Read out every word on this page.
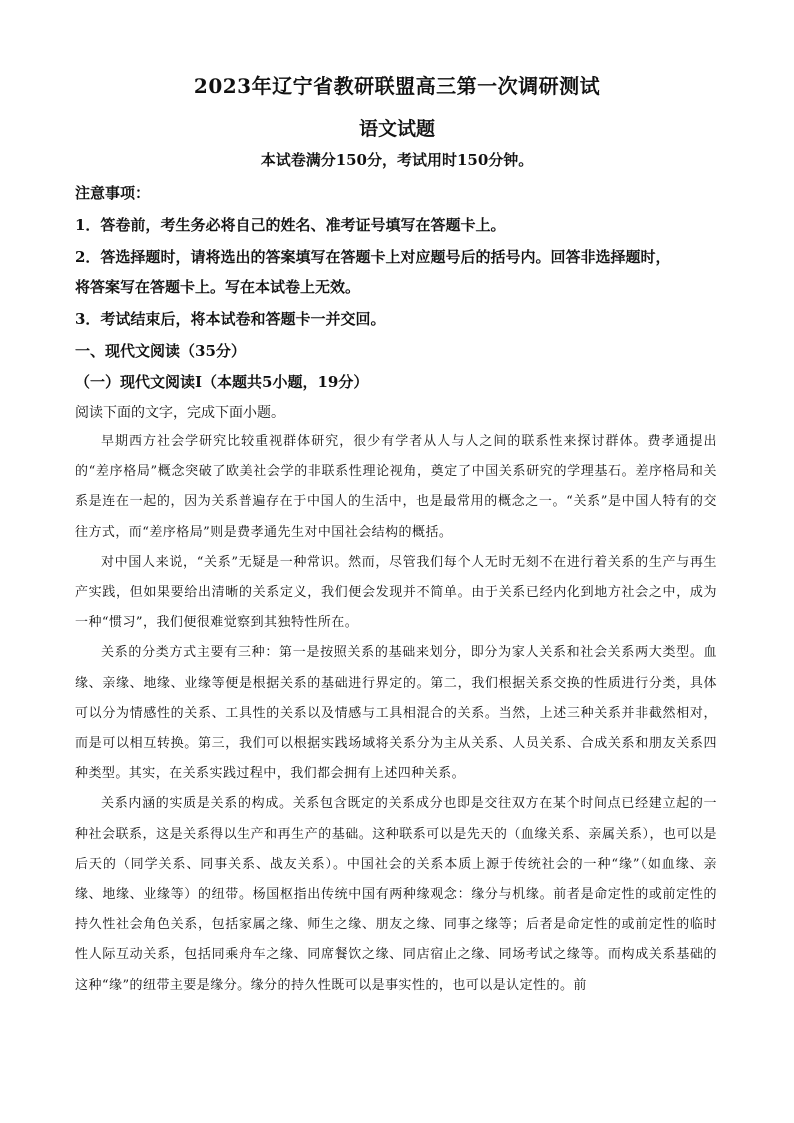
2023年辽宁省教研联盟高三第一次调研测试
语文试题
本试卷满分150分，考试用时150分钟。
注意事项：
1．答卷前，考生务必将自己的姓名、准考证号填写在答题卡上。
2．答选择题时，请将选出的答案填写在答题卡上对应题号后的括号内。回答非选择题时，
将答案写在答题卡上。写在本试卷上无效。
3．考试结束后，将本试卷和答题卡一并交回。
一、现代文阅读（35分）
（一）现代文阅读Ⅰ（本题共5小题，19分）
阅读下面的文字，完成下面小题。

早期西方社会学研究比较重视群体研究，很少有学者从人与人之间的联系性来探讨群体。费孝通提出的“差序格局”概念突破了欧美社会学的非联系性理论视角，奠定了中国关系研究的学理基石。差序格局和关系是连在一起的，因为关系普遍存在于中国人的生活中，也是最常用的概念之一。“关系”是中国人特有的交往方式，而“差序格局”则是费孝通先生对中国社会结构的概括。

对中国人来说，“关系”无疑是一种常识。然而，尽管我们每个人无时无刻不在进行着关系的生产与再生产实践，但如果要给出清晰的关系定义，我们便会发现并不简单。由于关系已经内化到地方社会之中，成为一种“惯习”，我们便很难觉察到其独特性所在。

关系的分类方式主要有三种：第一是按照关系的基础来划分，即分为家人关系和社会关系两大类型。血缘、亲缘、地缘、业缘等便是根据关系的基础进行界定的。第二，我们根据关系交换的性质进行分类，具体可以分为情感性的关系、工具性的关系以及情感与工具相混合的关系。当然，上述三种关系并非截然相对，而是可以相互转换。第三，我们可以根据实践场域将关系分为主从关系、人员关系、合成关系和朋友关系四种类型。其实，在关系实践过程中，我们都会拥有上述四种关系。

关系内涵的实质是关系的构成。关系包含既定的关系成分也即是交往双方在某个时间点已经建立起的一种社会联系，这是关系得以生产和再生产的基础。这种联系可以是先天的（血缘关系、亲属关系），也可以是后天的（同学关系、同事关系、战友关系）。中国社会的关系本质上源于传统社会的一种“缘”（如血缘、亲缘、地缘、业缘等）的纽带。杨国枢指出传统中国有两种缘观念：缘分与机缘。前者是命定性的或前定性的持久性社会角色关系，包括家属之缘、师生之缘、朋友之缘、同事之缘等；后者是命定性的或前定性的临时性人际互动关系，包括同乘舟车之缘、同席餐饮之缘、同店宿止之缘、同场考试之缘等。而构成关系基础的这种“缘”的纽带主要是缘分。缘分的持久性既可以是事实性的，也可以是认定性的。前
